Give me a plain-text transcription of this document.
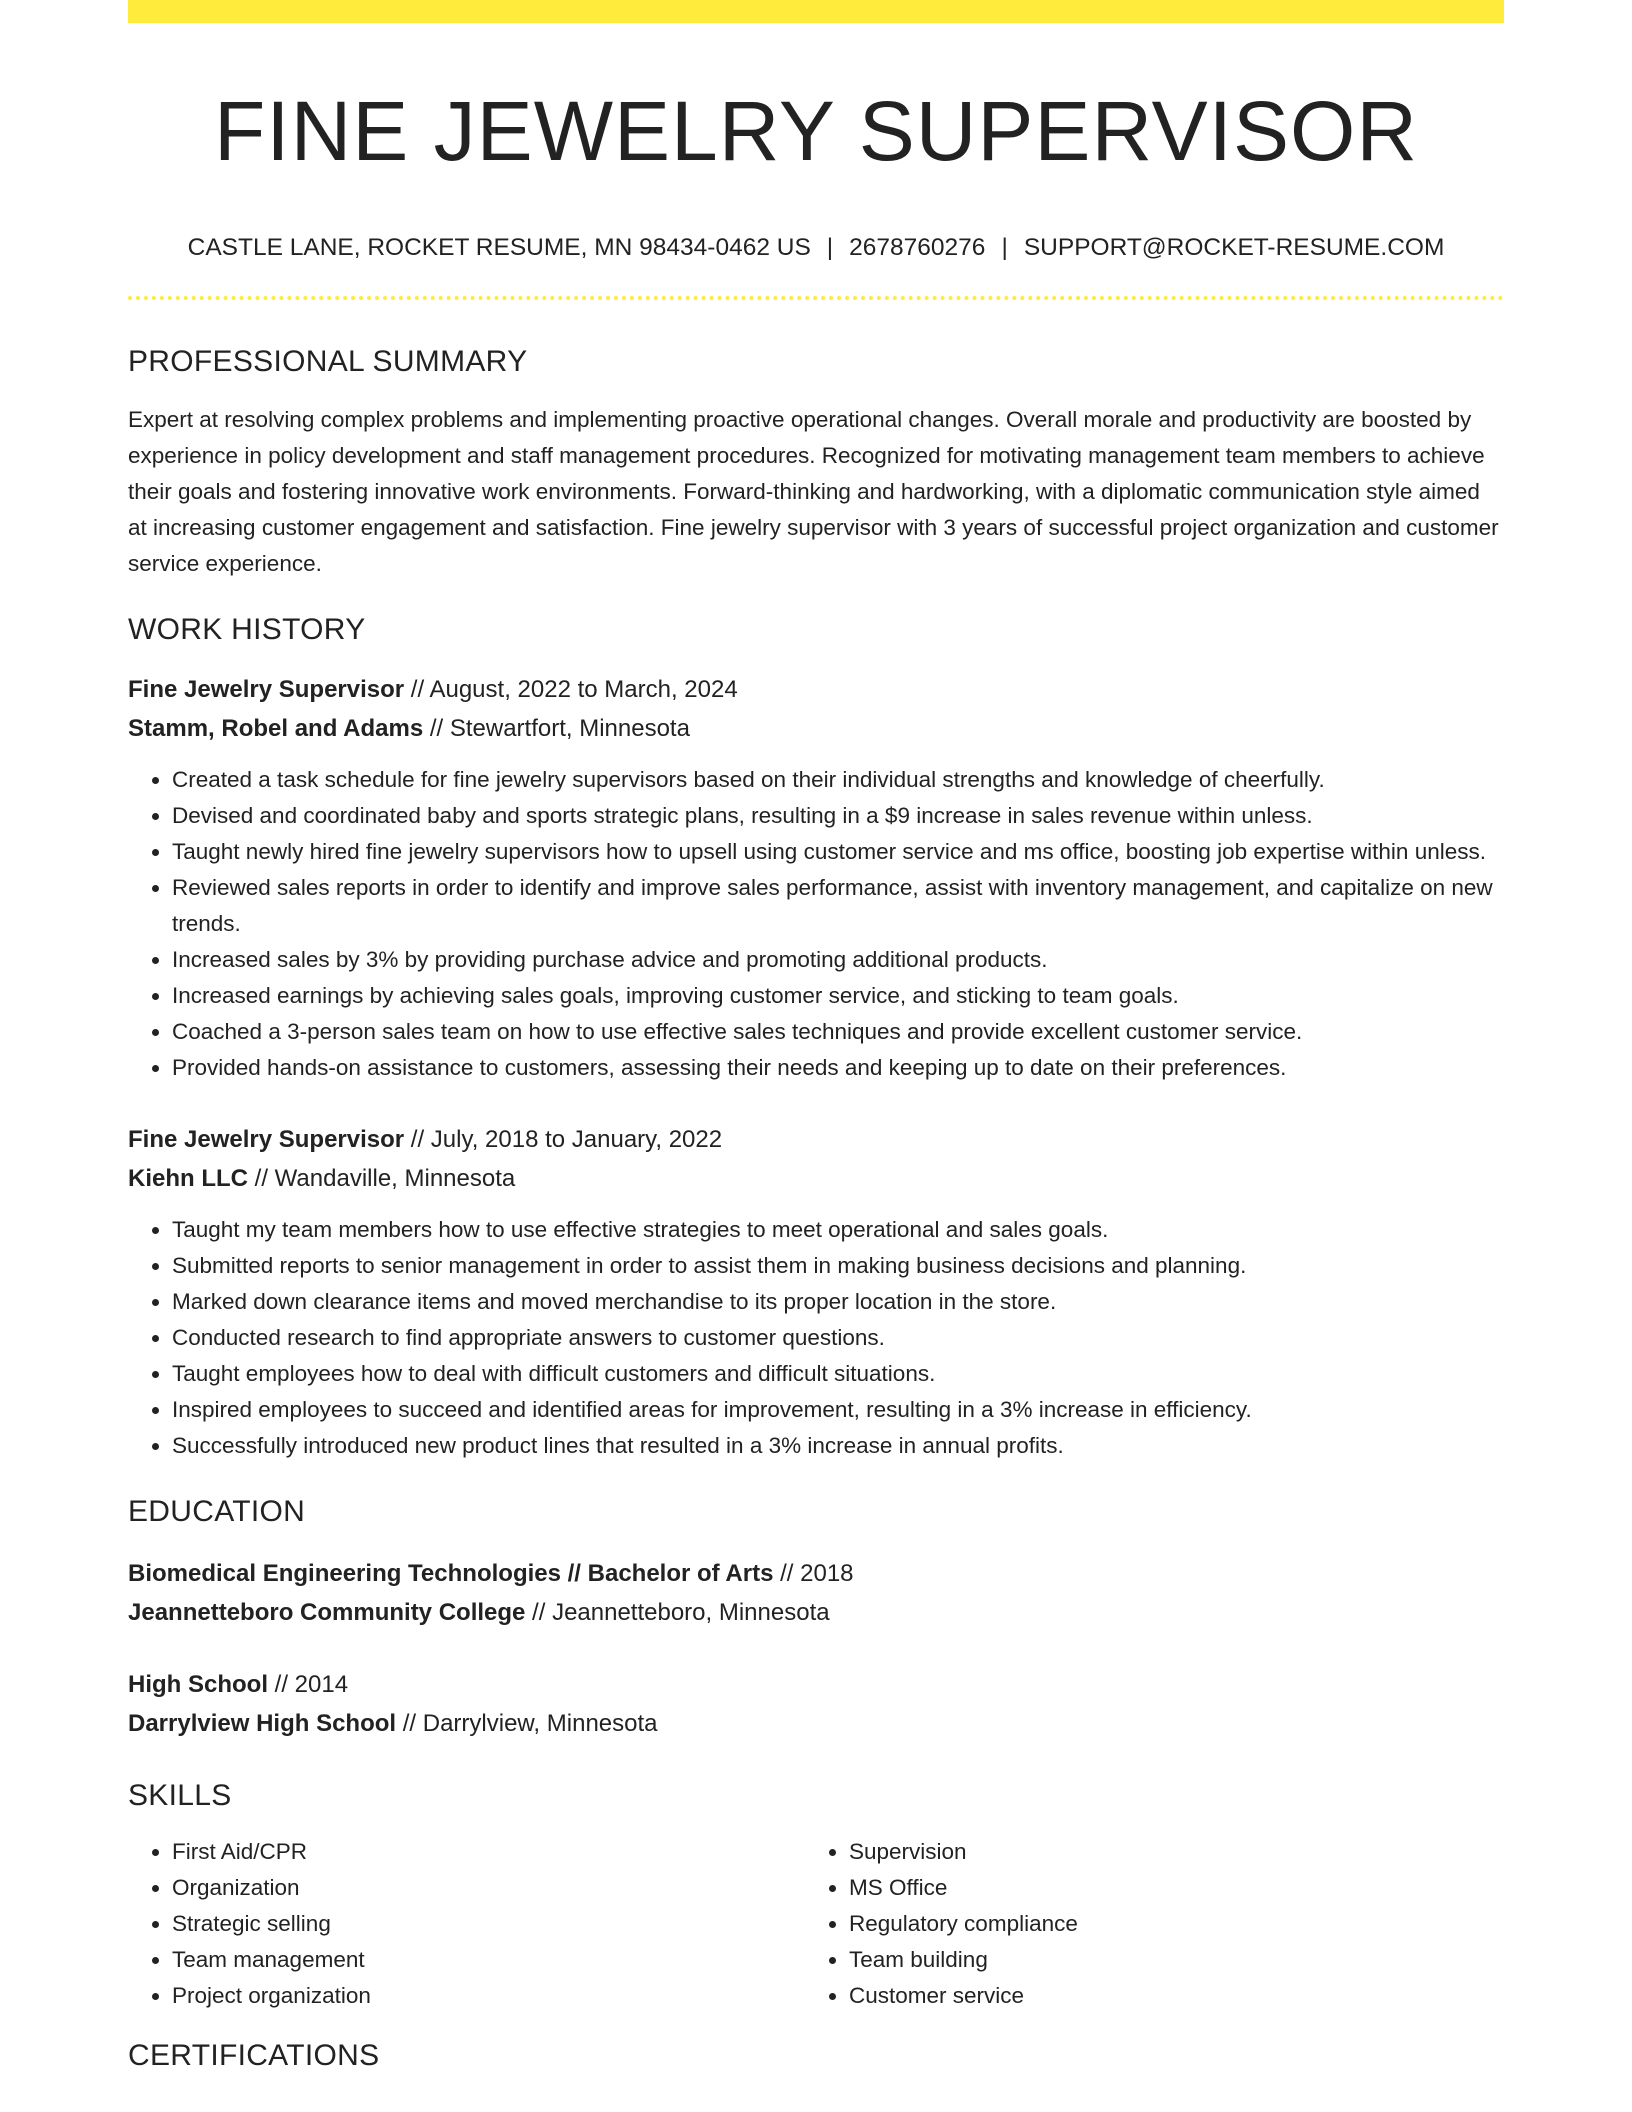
FINE JEWELRY SUPERVISOR
CASTLE LANE, ROCKET RESUME, MN 98434-0462 US | 2678760276 | SUPPORT@ROCKET-RESUME.COM
PROFESSIONAL SUMMARY
Expert at resolving complex problems and implementing proactive operational changes. Overall morale and productivity are boosted by experience in policy development and staff management procedures. Recognized for motivating management team members to achieve their goals and fostering innovative work environments. Forward-thinking and hardworking, with a diplomatic communication style aimed at increasing customer engagement and satisfaction. Fine jewelry supervisor with 3 years of successful project organization and customer service experience.
WORK HISTORY
Fine Jewelry Supervisor // August, 2022 to March, 2024
Stamm, Robel and Adams // Stewartfort, Minnesota
• Created a task schedule for fine jewelry supervisors based on their individual strengths and knowledge of cheerfully.
• Devised and coordinated baby and sports strategic plans, resulting in a $9 increase in sales revenue within unless.
• Taught newly hired fine jewelry supervisors how to upsell using customer service and ms office, boosting job expertise within unless.
• Reviewed sales reports in order to identify and improve sales performance, assist with inventory management, and capitalize on new trends.
• Increased sales by 3% by providing purchase advice and promoting additional products.
• Increased earnings by achieving sales goals, improving customer service, and sticking to team goals.
• Coached a 3-person sales team on how to use effective sales techniques and provide excellent customer service.
• Provided hands-on assistance to customers, assessing their needs and keeping up to date on their preferences.
Fine Jewelry Supervisor // July, 2018 to January, 2022
Kiehn LLC // Wandaville, Minnesota
• Taught my team members how to use effective strategies to meet operational and sales goals.
• Submitted reports to senior management in order to assist them in making business decisions and planning.
• Marked down clearance items and moved merchandise to its proper location in the store.
• Conducted research to find appropriate answers to customer questions.
• Taught employees how to deal with difficult customers and difficult situations.
• Inspired employees to succeed and identified areas for improvement, resulting in a 3% increase in efficiency.
• Successfully introduced new product lines that resulted in a 3% increase in annual profits.
EDUCATION
Biomedical Engineering Technologies // Bachelor of Arts // 2018
Jeannetteboro Community College // Jeannetteboro, Minnesota
High School // 2014
Darrylview High School // Darrylview, Minnesota
SKILLS
• First Aid/CPR
• Organization
• Strategic selling
• Team management
• Project organization
• Supervision
• MS Office
• Regulatory compliance
• Team building
• Customer service
CERTIFICATIONS
